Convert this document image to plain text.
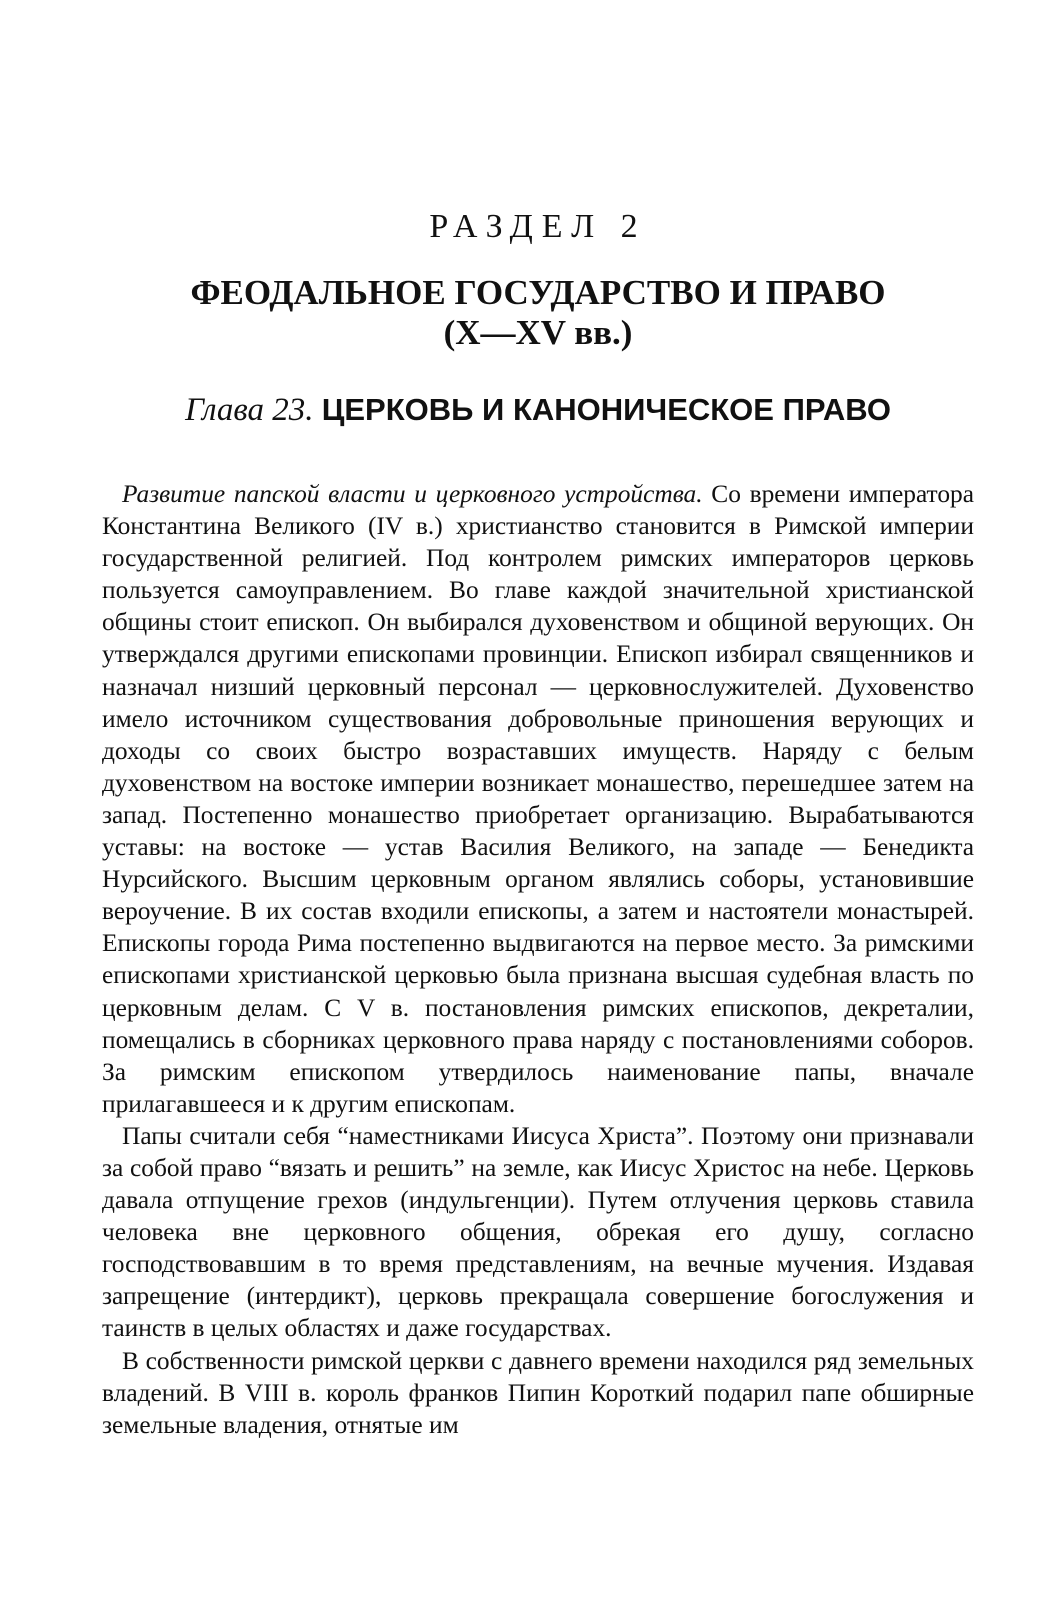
РАЗДЕЛ 2
ФЕОДАЛЬНОЕ ГОСУДАРСТВО И ПРАВО
(X—XV вв.)
Глава 23. ЦЕРКОВЬ И КАНОНИЧЕСКОЕ ПРАВО

Развитие папской власти и церковного устройства. Со времени императора Константина Великого (IV в.) христианство становится в Римской империи государственной религией. Под контролем римских императоров церковь пользуется самоуправлением. Во главе каждой значительной христианской общины стоит епископ. Он выбирался духовенством и общиной верующих. Он утверждался другими епископами провинции. Епископ избирал священников и назначал низший церковный персонал — церковнослужителей. Духовенство имело источником существования добровольные приношения верующих и доходы со своих быстро возраставших имуществ. Наряду с белым духовенством на востоке империи возникает монашество, перешедшее затем на запад. Постепенно монашество приобретает организацию. Вырабатываются уставы: на востоке — устав Василия Великого, на западе — Бенедикта Нурсийского. Высшим церковным органом являлись соборы, установившие вероучение. В их состав входили епископы, а затем и настоятели монастырей. Епископы города Рима постепенно выдвигаются на первое место. За римскими епископами христианской церковью была признана высшая судебная власть по церковным делам. С V в. постановления римских епископов, декреталии, помещались в сборниках церковного права наряду с постановлениями соборов. За римским епископом утвердилось наименование папы, вначале прилагавшееся и к другим епископам.

Папы считали себя “наместниками Иисуса Христа”. Поэтому они признавали за собой право “вязать и решить” на земле, как Иисус Христос на небе. Церковь давала отпущение грехов (индульгенции). Путем отлучения церковь ставила человека вне церковного общения, обрекая его душу, согласно господствовавшим в то время представлениям, на вечные мучения. Издавая запрещение (интердикт), церковь прекращала совершение богослужения и таинств в целых областях и даже государствах.

В собственности римской церкви с давнего времени находился ряд земельных владений. В VIII в. король франков Пипин Короткий подарил папе обширные земельные владения, отнятые им
